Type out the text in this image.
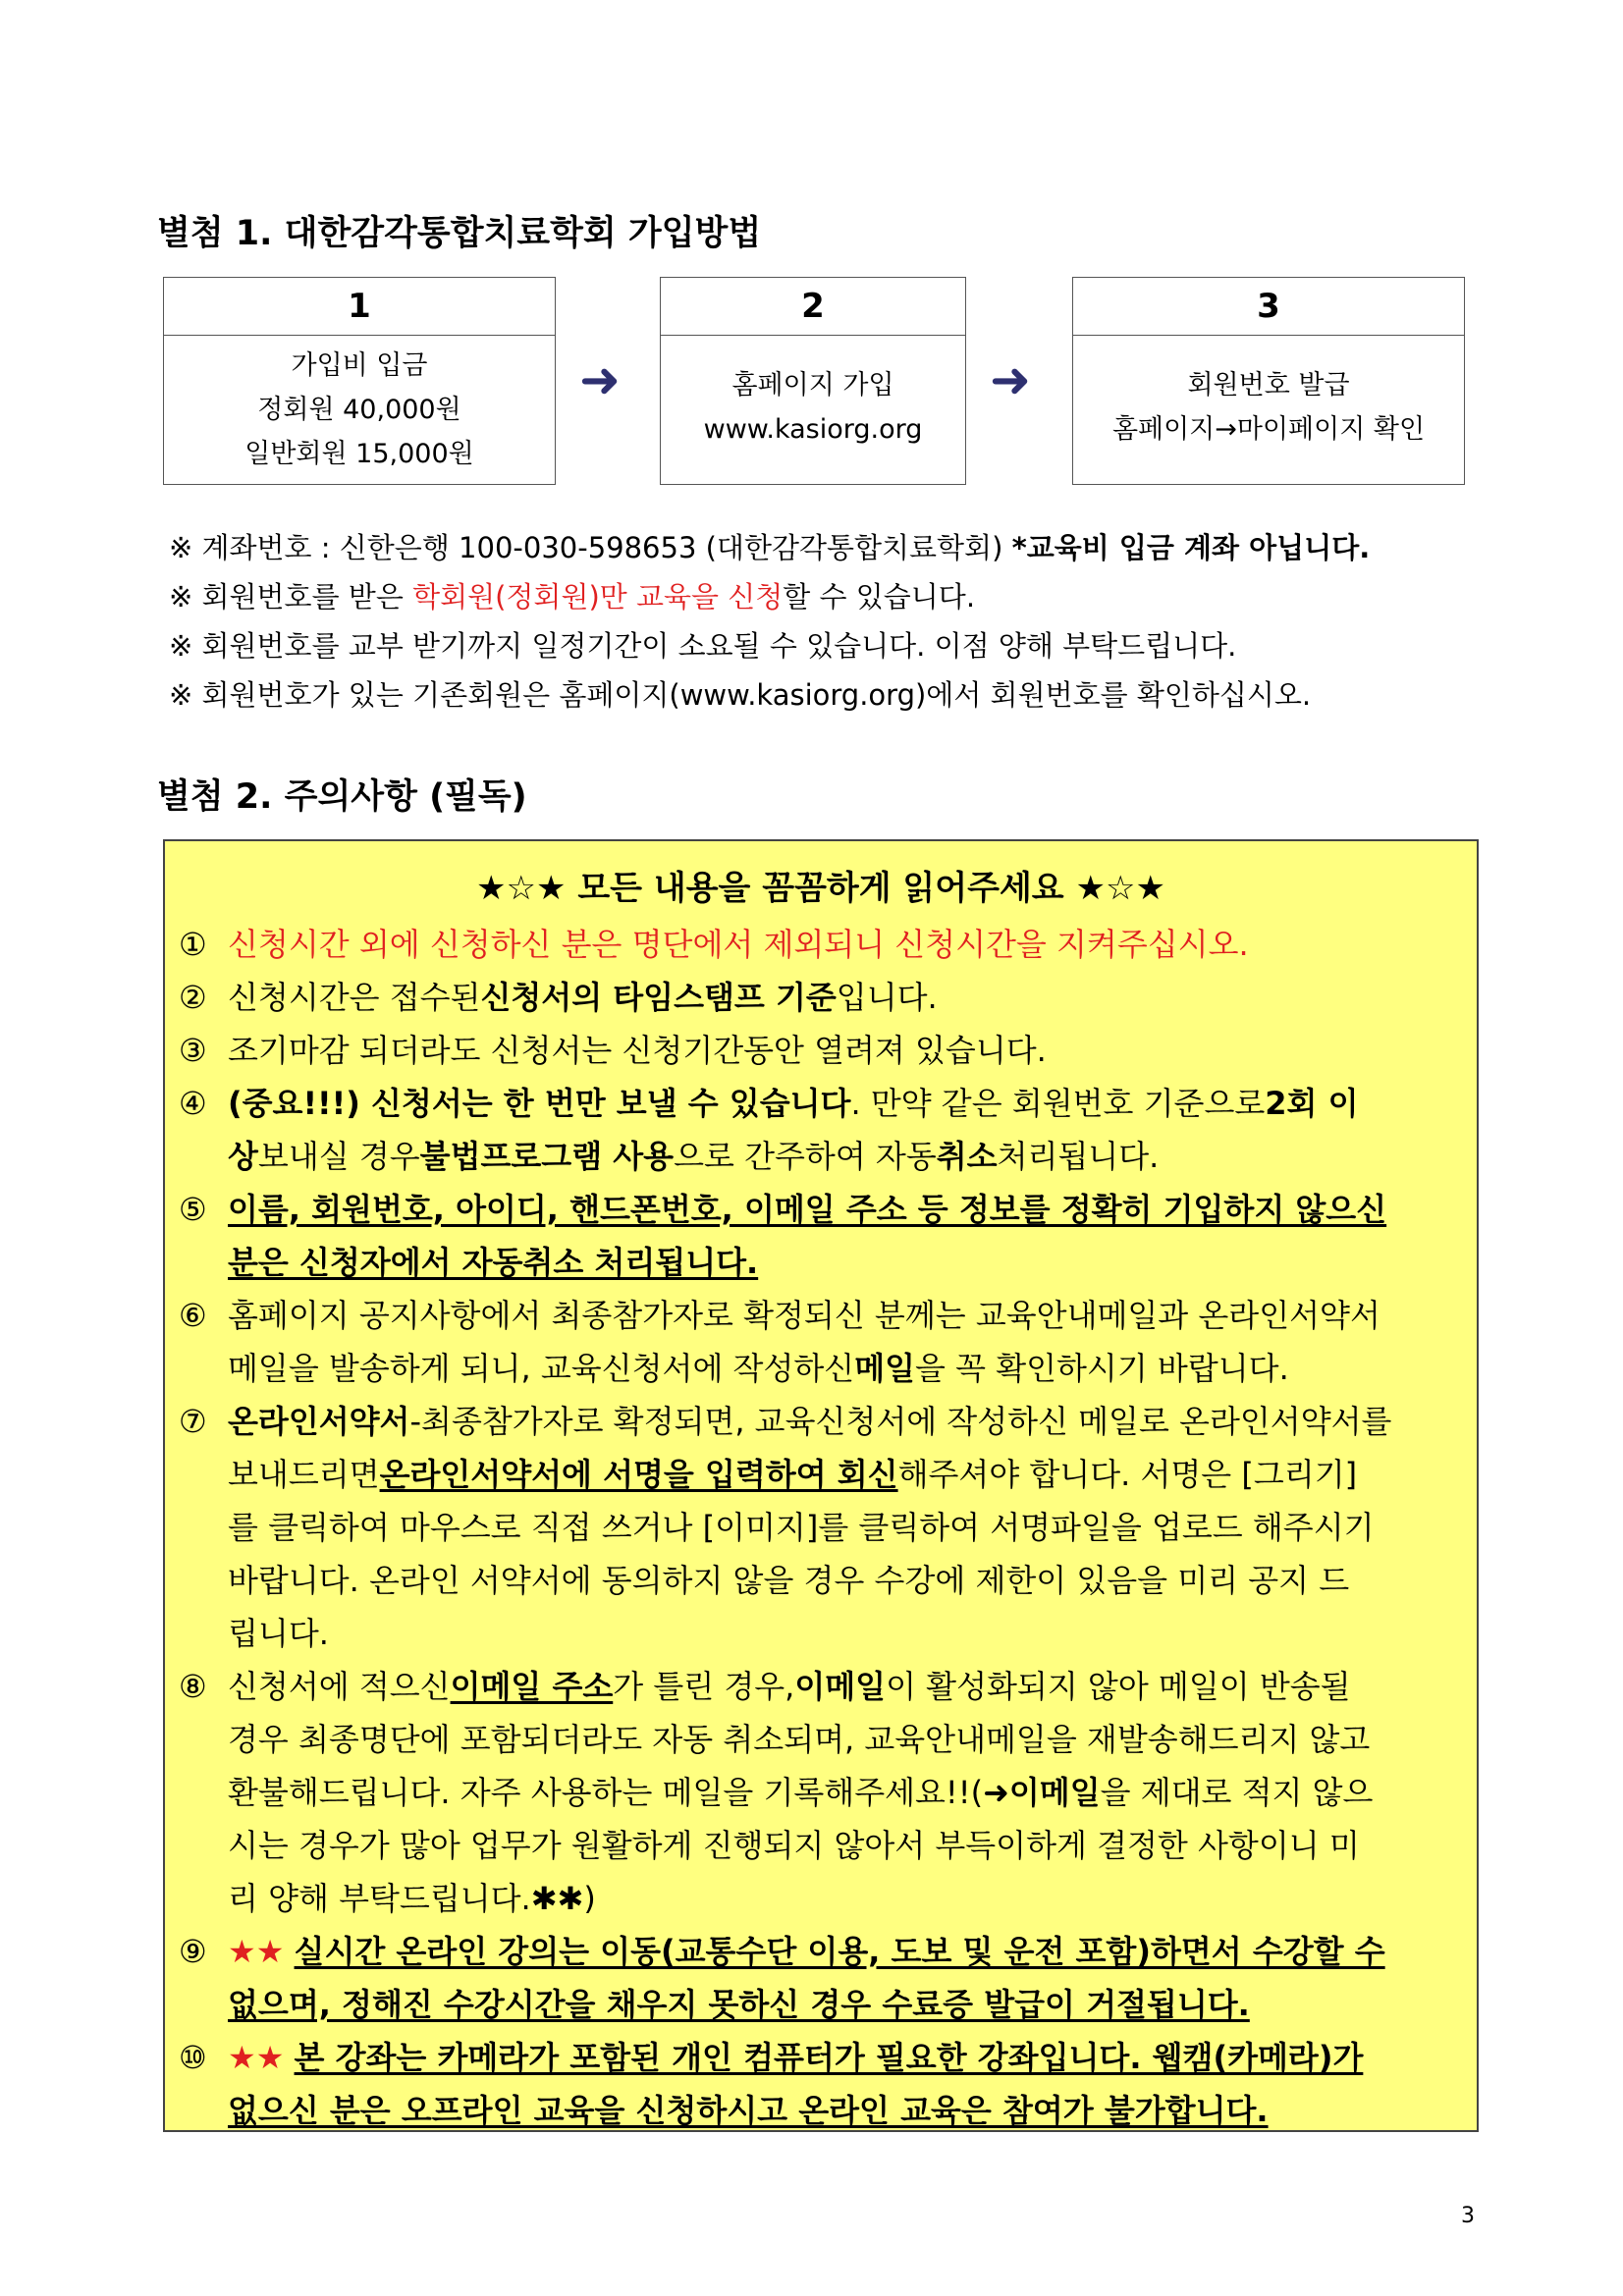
별첨 1. 대한감각통합치료학회 가입방법
1
가입비 입금
정회원 40,000원
일반회원 15,000원
➜
2
홈페이지 가입
www.kasiorg.org
➜
3
회원번호 발급
홈페이지→마이페이지 확인
※ 계좌번호 : 신한은행 100-030-598653 (대한감각통합치료학회) *교육비 입금 계좌 아닙니다.
※ 회원번호를 받은 학회원(정회원)만 교육을 신청할 수 있습니다.
※ 회원번호를 교부 받기까지 일정기간이 소요될 수 있습니다. 이점 양해 부탁드립니다.
※ 회원번호가 있는 기존회원은 홈페이지(www.kasiorg.org)에서 회원번호를 확인하십시오.
별첨 2. 주의사항 (필독)
★☆★ 모든 내용을 꼼꼼하게 읽어주세요 ★☆★
① 신청시간 외에 신청하신 분은 명단에서 제외되니 신청시간을 지켜주십시오.
② 신청시간은 접수된 신청서의 타임스탬프 기준 입니다.
③ 조기마감 되더라도 신청서는 신청기간동안 열려져 있습니다.
④ (중요!!!) 신청서는 한 번만 보낼 수 있습니다 . 만약 같은 회원번호 기준으로 2회 이
상 보내실 경우 불법프로그램 사용 으로 간주하여 자동 취소 처리됩니다.
⑤ 이름, 회원번호, 아이디, 핸드폰번호, 이메일 주소 등 정보를 정확히 기입하지 않으신
분은 신청자에서 자동취소 처리됩니다.
⑥ 홈페이지 공지사항에서 최종참가자로 확정되신 분께는 교육안내메일과 온라인서약서
메일을 발송하게 되니, 교육신청서에 작성하신 메일 을 꼭 확인하시기 바랍니다.
⑦ 온라인서약서 -최종참가자로 확정되면, 교육신청서에 작성하신 메일로 온라인서약서를
보내드리면 온라인서약서에 서명을 입력하여 회신 해주셔야 합니다. 서명은 [그리기]
를 클릭하여 마우스로 직접 쓰거나 [이미지]를 클릭하여 서명파일을 업로드 해주시기
바랍니다. 온라인 서약서에 동의하지 않을 경우 수강에 제한이 있음을 미리 공지 드
립니다.
⑧ 신청서에 적으신 이메일 주소 가 틀린 경우, 이메일 이 활성화되지 않아 메일이 반송될
경우 최종명단에 포함되더라도 자동 취소되며, 교육안내메일을 재발송해드리지 않고
환불해드립니다. 자주 사용하는 메일을 기록해주세요!!( ➜이메일 을 제대로 적지 않으
시는 경우가 많아 업무가 원활하게 진행되지 않아서 부득이하게 결정한 사항이니 미
리 양해 부탁드립니다.✱✱)
⑨ ★★
실시간 온라인 강의는 이동(교통수단 이용, 도보 및 운전 포함)하면서 수강할 수
없으며, 정해진 수강시간을 채우지 못하신 경우 수료증 발급이 거절됩니다.
⑩ ★★
본 강좌는 카메라가 포함된 개인 컴퓨터가 필요한 강좌입니다. 웹캠(카메라)가
없으신 분은 오프라인 교육을 신청하시고 온라인 교육은 참여가 불가합니다.
3
